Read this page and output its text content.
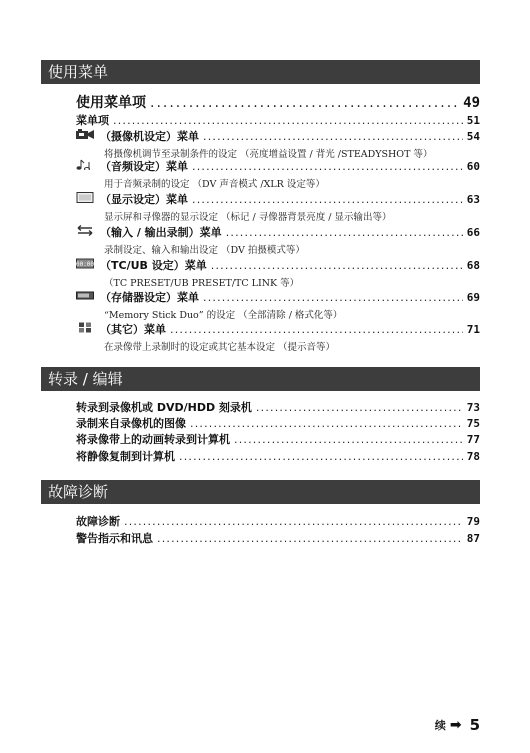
使用菜单
使用菜单项 .....	49
菜单项 .....	51
（摄像机设定）菜单 .....	54
将摄像机调节至录制条件的设定 （亮度增益设置 / 背光 /STEADYSHOT 等）
（音频设定）菜单 .....	60
用于音频录制的设定 （DV 声音模式 /XLR 设定等）
（显示设定）菜单 .....	63
显示屏和寻像器的显示设定 （标记 / 寻像器背景亮度 / 显示输出等）
（输入 / 输出录制）菜单 .....	66
录制设定、输入和输出设定 （DV 拍摄模式等）
00:00 （TC/UB 设定）菜单 .....	68
（TC PRESET/UB PRESET/TC LINK 等）
（存储器设定）菜单 .....	69
“Memory Stick Duo” 的设定 （全部清除 / 格式化等）
（其它）菜单 .....	71
在录像带上录制时的设定或其它基本设定 （提示音等）
转录 / 编辑
转录到录像机或 DVD/HDD 刻录机 .....	73
录制来自录像机的图像 .....	75
将录像带上的动画转录到计算机 .....	77
将静像复制到计算机 .....	78
故障诊断
故障诊断 .....	79
警告指示和讯息 .....	87
续 ➡ 5
